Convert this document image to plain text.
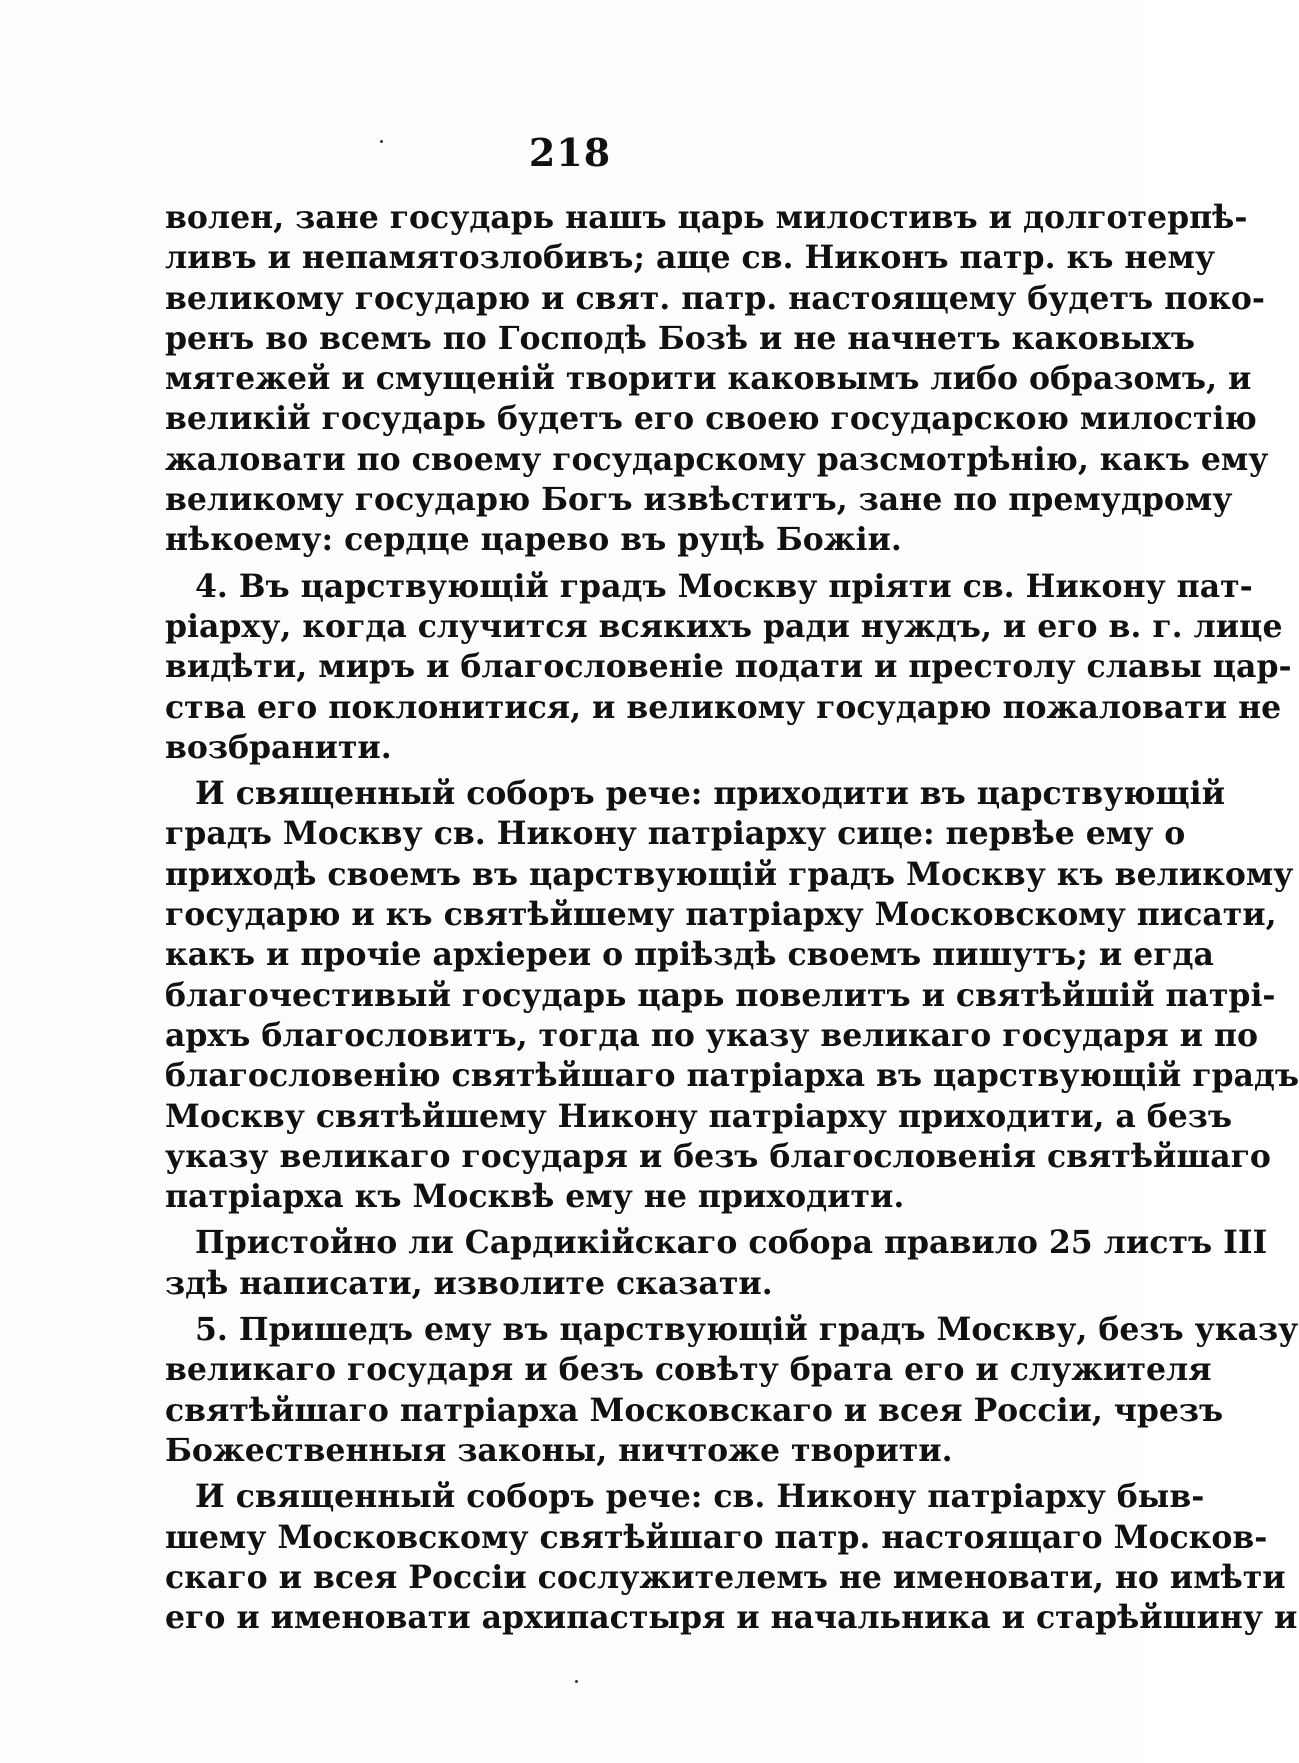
218
волен, зане государь нашъ царь милостивъ и долготерпѣ-
ливъ и непамятозлобивъ; аще св. Никонъ патр. къ нему
великому государю и свят. патр. настоящему будетъ поко-
ренъ во всемъ по Господѣ Бозѣ и не начнетъ каковыхъ
мятежей и смущеній творити каковымъ либо образомъ, и
великій государь будетъ его своею государскою милостію
жаловати по своему государскому разсмотрѣнію, какъ ему
великому государю Богъ извѣститъ, зане по премудрому
нѣкоему: сердце царево въ руцѣ Божіи.
4. Въ царствующій градъ Москву пріяти св. Никону пат-
ріарху, когда случится всякихъ ради нуждъ, и его в. г. лице
видѣти, миръ и благословеніе подати и престолу славы цар-
ства его поклонитися, и великому государю пожаловати не
возбранити.
И священный соборъ рече: приходити въ царствующій
градъ Москву св. Никону патріарху сице: первѣе ему о
приходѣ своемъ въ царствующій градъ Москву къ великому
государю и къ святѣйшему патріарху Московскому писати,
какъ и прочіе архіереи о пріѣздѣ своемъ пишутъ; и егда
благочестивый государь царь повелитъ и святѣйшій патрі-
архъ благословитъ, тогда по указу великаго государя и по
благословенію святѣйшаго патріарха въ царствующій градъ
Москву святѣйшему Никону патріарху приходити, а безъ
указу великаго государя и безъ благословенія святѣйшаго
патріарха къ Москвѣ ему не приходити.
Пристойно ли Сардикійскаго собора правило 25 листъ III
здѣ написати, изволите сказати.
5. Пришедъ ему въ царствующій градъ Москву, безъ указу
великаго государя и безъ совѣту брата его и служителя
святѣйшаго патріарха Московскаго и всея Россіи, чрезъ
Божественныя законы, ничтоже творити.
И священный соборъ рече: св. Никону патріарху быв-
шему Московскому святѣйшаго патр. настоящаго Москов-
скаго и всея Россіи сослужителемъ не именовати, но имѣти
его и именовати архипастыря и начальника и старѣйшину и
